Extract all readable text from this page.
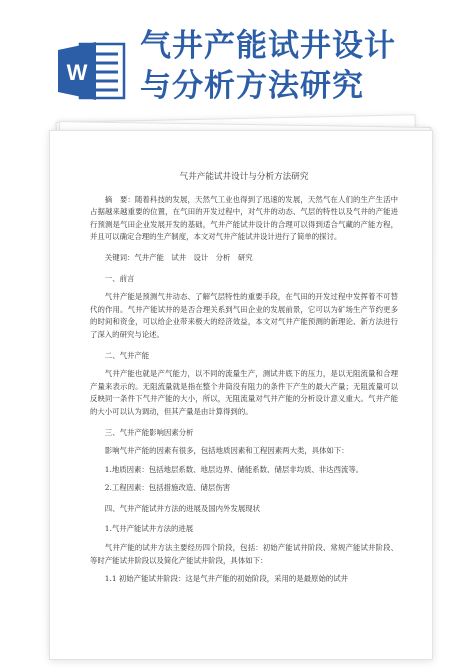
W
气井产能试井设计
与分析方法研究
气井产能试井设计与分析方法研究

摘　要：随着科技的发展，天然气工业也得到了迅速的发展，天然气在人们的生产生活中占据越来越重要的位置，在气田的开发过程中，对气井的动态、气层的特性以及气井的产能进行预测是气田企业发展开发的基础，气井产能试井设计的合理可以得到适合气藏的产能方程，并且可以确定合理的生产制度，本文对气井产能试井设计进行了简单的探讨。

关键词：气井产能　试井　设计　分析　研究

一、前言

气井产能是预测气井动态、了解气层特性的重要手段，在气田的开发过程中发挥着不可替代的作用。气井产能试井的是否合理关系到气田企业的发展前景，它可以为矿场生产节约更多的时间和资金，可以给企业带来极大的经济效益，本文对气井产能预测的新理论、新方法进行了深入的研究与论述。

二、气井产能

气井产能也就是产气能力，以不同的流量生产，测试井底下的压力，是以无阻流量和合理产量来表示的。无阻流量就是指在整个井筒没有阻力的条件下产生的最大产量；无阻流量可以反映同一条件下气井产能的大小，所以，无阻流量对气井产能的分析设计意义重大。气井产能的大小可以认为调动，但其产量是由计算得到的。

三、气井产能影响因素分析

影响气井产能的因素有很多，包括地质因素和工程因素两大类，具体如下：

1.地质因素：包括地层系数、地层边界、储能系数、储层非均质、非达西流等。

2.工程因素：包括措施改造、储层伤害

四、气井产能试井方法的进展及国内外发展现状

1.气井产能试井方法的进展

气井产能的试井方法主要经历四个阶段，包括：初始产能试井阶段、常规产能试井阶段、等时产能试井阶段以及简化产能试井阶段，具体如下：

1.1 初始产能试井阶段：这是气井产能的初始阶段，采用的是最原始的试井
